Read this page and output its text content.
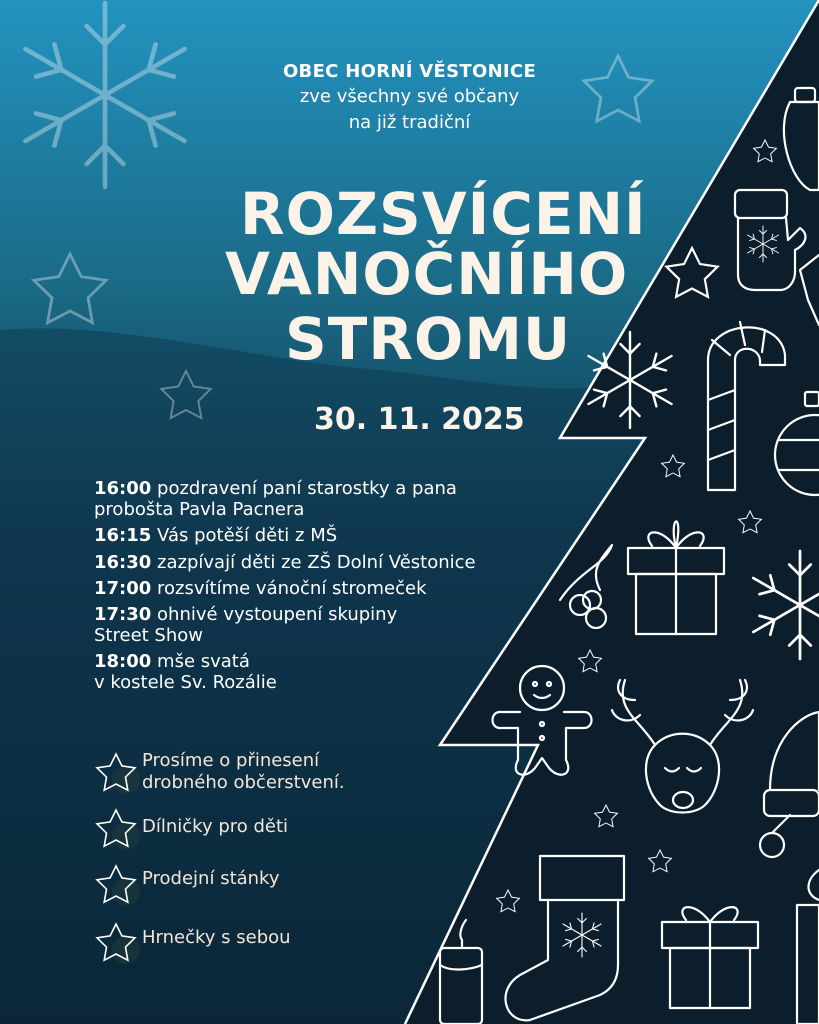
OBEC HORNÍ VĚSTONICE
zve všechny své občany
na již tradiční
ROZSVÍCENÍ
VANOČNÍHO
STROMU
30. 11. 2025
16:00 pozdravení paní starostky a pana
probošta Pavla Pacnera
16:15 Vás potěší děti z MŠ
16:30 zazpívají děti ze ZŠ Dolní Věstonice
17:00 rozsvítíme vánoční stromeček
17:30 ohnivé vystoupení skupiny
Street Show
18:00 mše svatá
v kostele Sv. Rozálie
Prosíme o přinesení
drobného občerstvení.
Dílničky pro děti
Prodejní stánky
Hrnečky s sebou
